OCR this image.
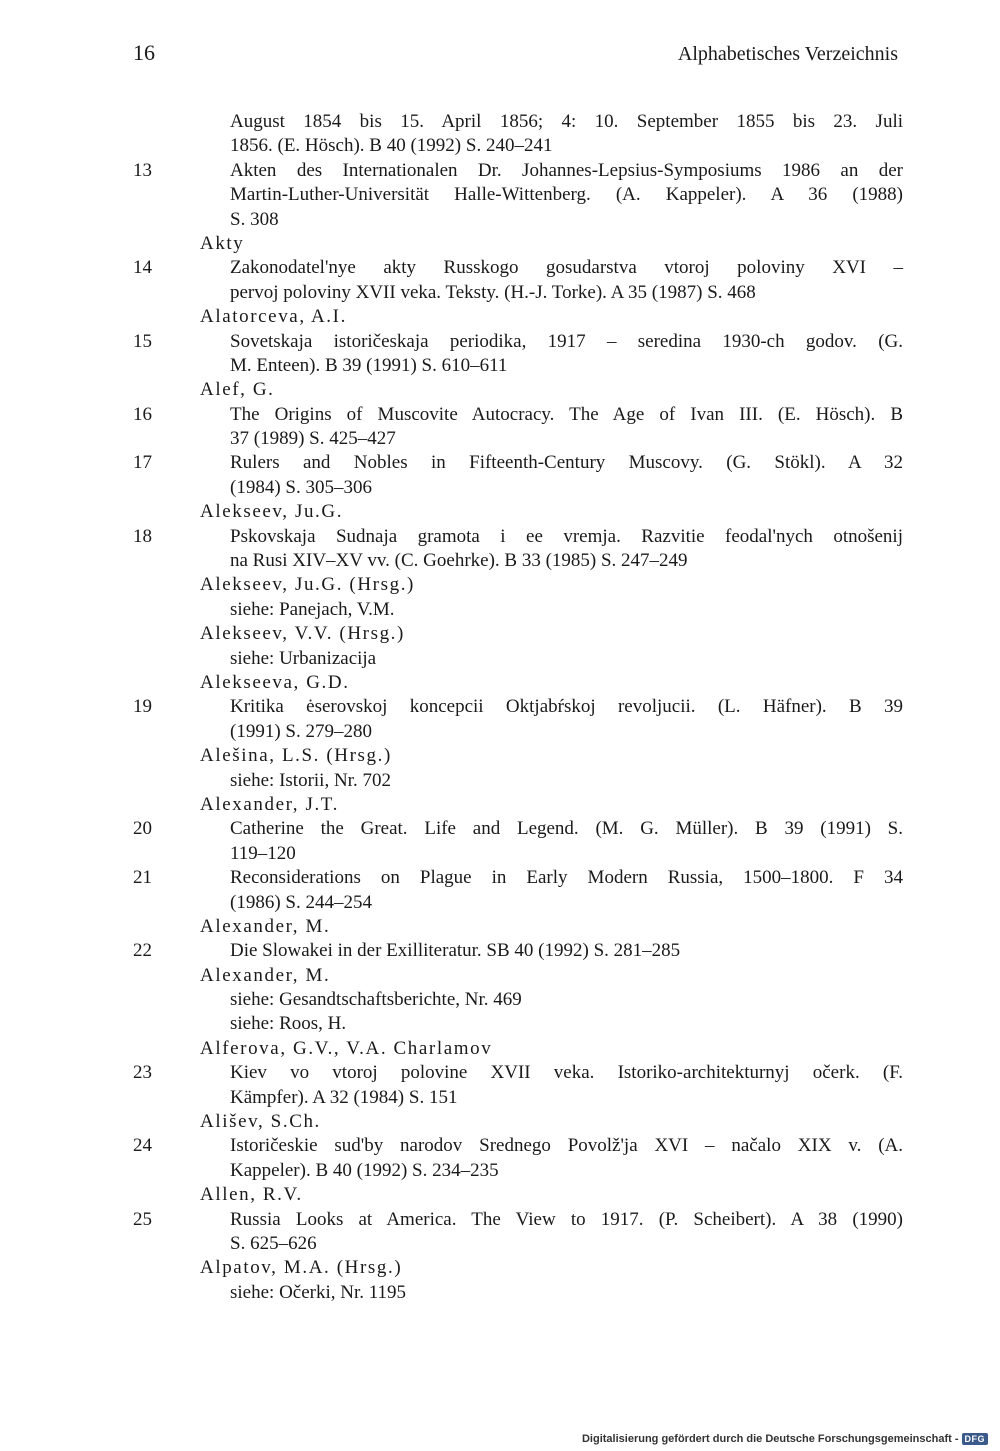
16	Alphabetisches Verzeichnis
August 1854 bis 15. April 1856; 4: 10. September 1855 bis 23. Juli
1856. (E. Hösch). B 40 (1992) S. 240–241
13	Akten des Internationalen Dr. Johannes-Lepsius-Symposiums 1986 an der
Martin-Luther-Universität Halle-Wittenberg. (A. Kappeler). A 36 (1988)
S. 308
Akty
14	Zakonodatel'nye akty Russkogo gosudarstva vtoroj poloviny XVI –
pervoj poloviny XVII veka. Teksty. (H.-J. Torke). A 35 (1987) S. 468
Alatorceva, A.I.
15	Sovetskaja istoričeskaja periodika, 1917 – seredina 1930-ch godov. (G.
M. Enteen). B 39 (1991) S. 610–611
Alef, G.
16	The Origins of Muscovite Autocracy. The Age of Ivan III. (E. Hösch). B
37 (1989) S. 425–427
17	Rulers and Nobles in Fifteenth-Century Muscovy. (G. Stökl). A 32
(1984) S. 305–306
Alekseev, Ju.G.
18	Pskovskaja Sudnaja gramota i ee vremja. Razvitie feodal'nych otnošenij
na Rusi XIV–XV vv. (C. Goehrke). B 33 (1985) S. 247–249
Alekseev, Ju.G. (Hrsg.)
siehe: Panejach, V.M.
Alekseev, V.V. (Hrsg.)
siehe: Urbanizacija
Alekseeva, G.D.
19	Kritika ėserovskoj koncepcii Oktjabŕskoj revoljucii. (L. Häfner). B 39
(1991) S. 279–280
Alešina, L.S. (Hrsg.)
siehe: Istorii, Nr. 702
Alexander, J.T.
20	Catherine the Great. Life and Legend. (M. G. Müller). B 39 (1991) S.
119–120
21	Reconsiderations on Plague in Early Modern Russia, 1500–1800. F 34
(1986) S. 244–254
Alexander, M.
22	Die Slowakei in der Exilliteratur. SB 40 (1992) S. 281–285
Alexander, M.
siehe: Gesandtschaftsberichte, Nr. 469
siehe: Roos, H.
Alferova, G.V., V.A. Charlamov
23	Kiev vo vtoroj polovine XVII veka. Istoriko-architekturnyj očerk. (F.
Kämpfer). A 32 (1984) S. 151
Ališev, S.Ch.
24	Istoričeskie sud'by narodov Srednego Povolž'ja XVI – načalo XIX v. (A.
Kappeler). B 40 (1992) S. 234–235
Allen, R.V.
25	Russia Looks at America. The View to 1917. (P. Scheibert). A 38 (1990)
S. 625–626
Alpatov, M.A. (Hrsg.)
siehe: Očerki, Nr. 1195
Digitalisierung gefördert durch die Deutsche Forschungsgemeinschaft - DFG
